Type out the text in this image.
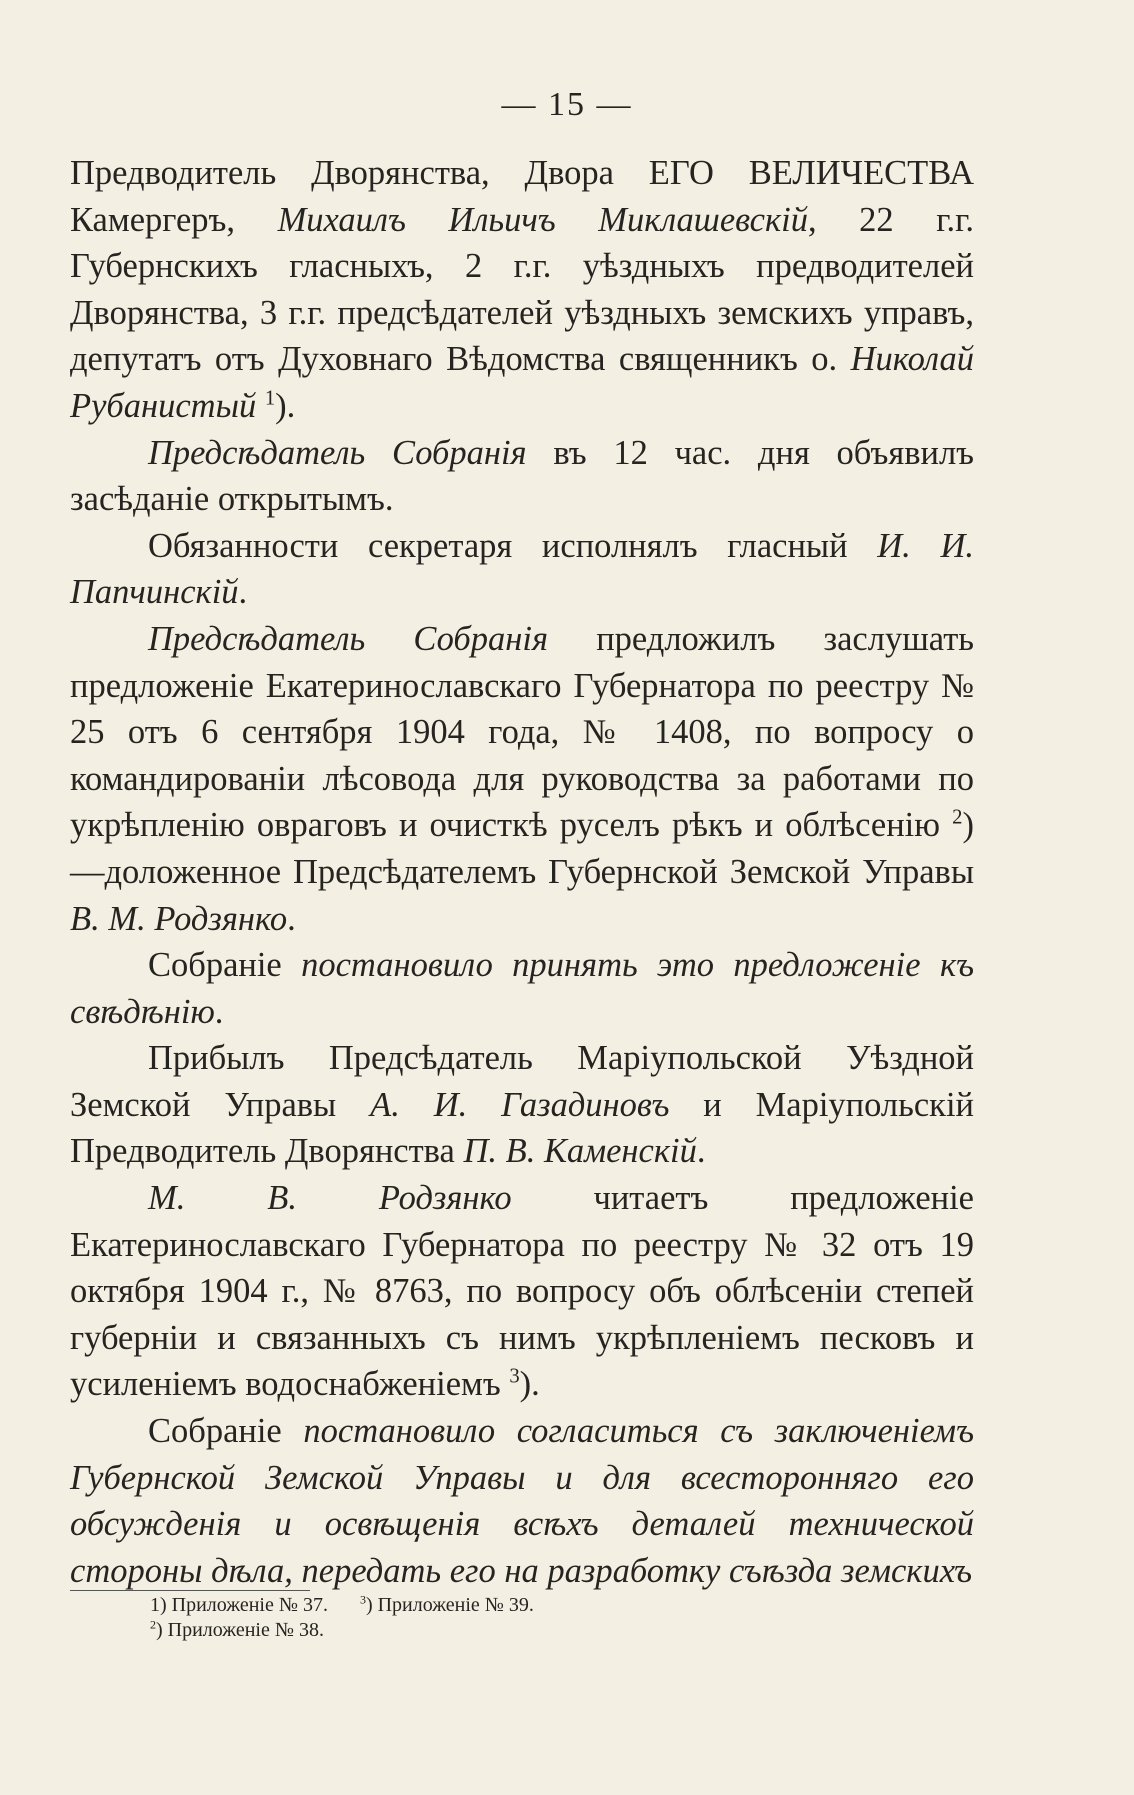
— 15 —

Предводитель Дворянства, Двора ЕГО ВЕЛИЧЕСТВА Камергеръ, Михаилъ Ильичъ Миклашевскій, 22 г.г. Губернскихъ гласныхъ, 2 г.г. уѣздныхъ предводителей Дворянства, 3 г.г. предсѣдателей уѣздныхъ земскихъ управъ, депутатъ отъ Духовнаго Вѣдомства священникъ о. Николай Рубанистый $^1$).

Предсѣдатель Собранія въ 12 час. дня объявилъ засѣданіе открытымъ.

Обязанности секретаря исполнялъ гласный И. И. Папчинскій.

Предсѣдатель Собранія предложилъ заслушать предложеніе Екатеринославскаго Губернатора по реестру № 25 отъ 6 сентября 1904 года, № 1408, по вопросу о командированіи лѣсовода для руководства за работами по укрѣпленію овраговъ и очисткѣ руселъ рѣкъ и облѣсенію $^2$)—доложенное Предсѣдателемъ Губернской Земской Управы В. М. Родзянко.

Собраніе постановило принять это предложеніе къ свѣдѣнію.

Прибылъ Предсѣдатель Маріупольской Уѣздной Земской Управы А. И. Газадиновъ и Маріупольскій Предводитель Дворянства П. В. Каменскій.

М. В. Родзянко читаетъ предложеніе Екатеринославскаго Губернатора по реестру № 32 отъ 19 октября 1904 г., № 8763, по вопросу объ облѣсеніи степей губерніи и связанныхъ съ нимъ укрѣпленіемъ песковъ и усиленіемъ водоснабженіемъ $^3$).

Собраніе постановило согласиться съ заключеніемъ Губернской Земской Управы и для всесторонняго его обсужденія и освѣщенія всѣхъ деталей технической стороны дѣла, передать его на разработку съѣзда земскихъ

1) Приложеніе № 37.	$^3$) Приложеніе № 39.
$^2$) Приложеніе № 38.
